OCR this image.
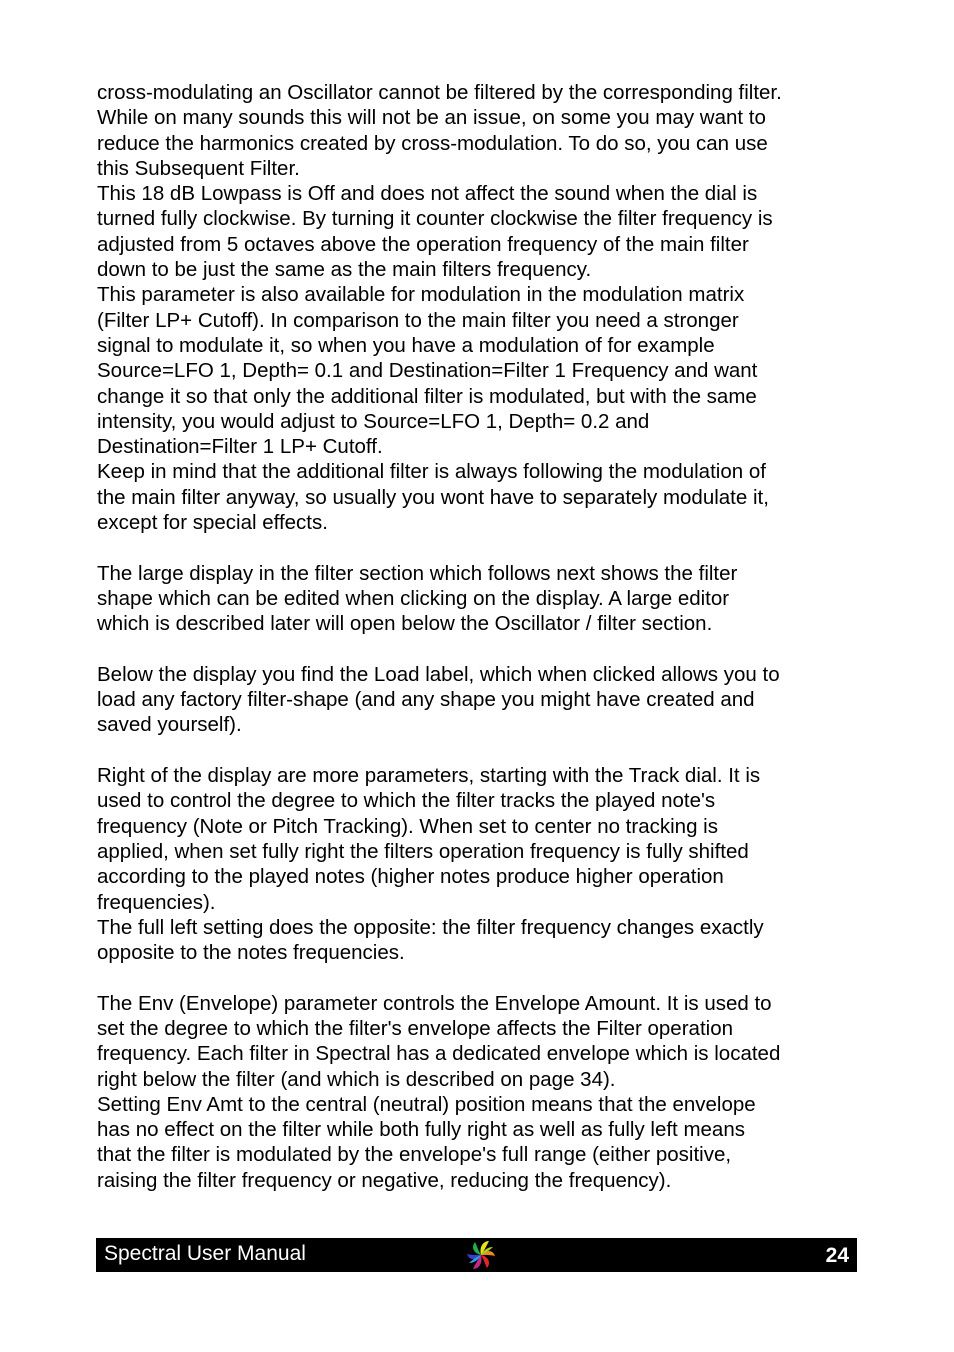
cross-modulating an Oscillator cannot be filtered by the corresponding filter.
While on many sounds this will not be an issue, on some you may want to
reduce the harmonics created by cross-modulation. To do so, you can use
this Subsequent Filter.
This 18 dB Lowpass is Off and does not affect the sound when the dial is
turned fully clockwise. By turning it counter clockwise the filter frequency is
adjusted from 5 octaves above the operation frequency of the main filter
down to be just the same as the main filters frequency.
This parameter is also available for modulation in the modulation matrix
(Filter LP+ Cutoff). In comparison to the main filter you need a stronger
signal to modulate it, so when you have a modulation of for example
Source=LFO 1, Depth= 0.1 and Destination=Filter 1 Frequency and want
change it so that only the additional filter is modulated, but with the same
intensity, you would adjust to Source=LFO 1, Depth= 0.2 and
Destination=Filter 1 LP+ Cutoff.
Keep in mind that the additional filter is always following the modulation of
the main filter anyway, so usually you wont have to separately modulate it,
except for special effects.
The large display in the filter section which follows next shows the filter
shape which can be edited when clicking on the display. A large editor
which is described later will open below the Oscillator / filter section.
Below the display you find the Load label, which when clicked allows you to
load any factory filter-shape (and any shape you might have created and
saved yourself).
Right of the display are more parameters, starting with the Track dial. It is
used to control the degree to which the filter tracks the played note's
frequency (Note or Pitch Tracking). When set to center no tracking is
applied, when set fully right the filters operation frequency is fully shifted
according to the played notes (higher notes produce higher operation
frequencies).
The full left setting does the opposite: the filter frequency changes exactly
opposite to the notes frequencies.
The Env (Envelope) parameter controls the Envelope Amount. It is used to
set the degree to which the filter's envelope affects the Filter operation
frequency. Each filter in Spectral has a dedicated envelope which is located
right below the filter (and which is described on page 34).
Setting Env Amt to the central (neutral) position means that the envelope
has no effect on the filter while both fully right as well as fully left means
that the filter is modulated by the envelope's full range (either positive,
raising the filter frequency or negative, reducing the frequency).
Spectral User Manual	24
